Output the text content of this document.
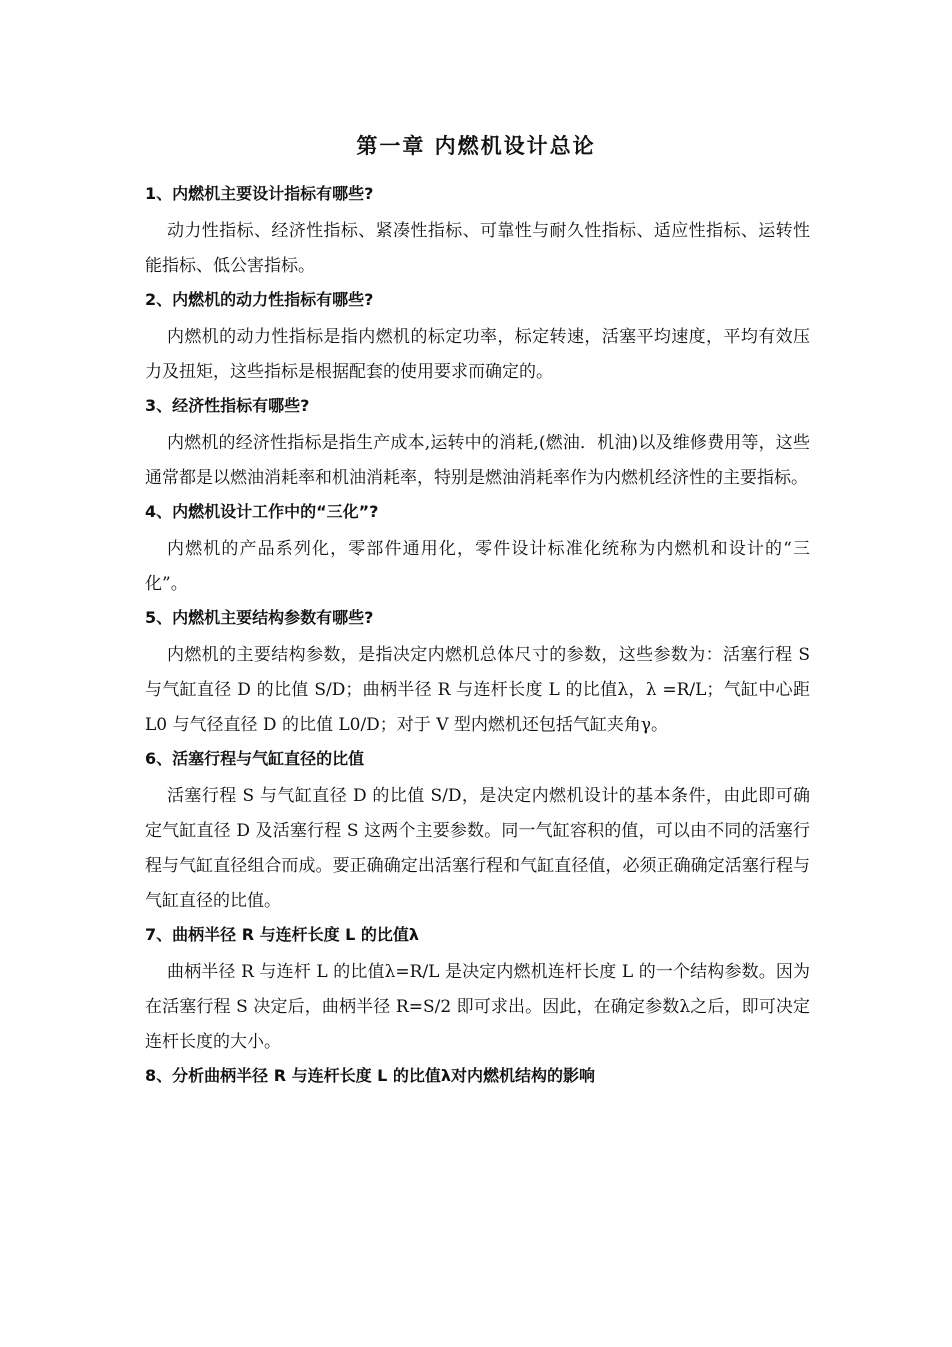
第一章 内燃机设计总论
1、内燃机主要设计指标有哪些?

动力性指标、经济性指标、紧凑性指标、可靠性与耐久性指标、适应性指标、运转性能指标、低公害指标。

2、内燃机的动力性指标有哪些?

内燃机的动力性指标是指内燃机的标定功率，标定转速，活塞平均速度，平均有效压力及扭矩，这些指标是根据配套的使用要求而确定的。

3、经济性指标有哪些?

内燃机的经济性指标是指生产成本,运转中的消耗,(燃油．机油)以及维修费用等，这些通常都是以燃油消耗率和机油消耗率，特别是燃油消耗率作为内燃机经济性的主要指标。

4、内燃机设计工作中的“三化”?

内燃机的产品系列化，零部件通用化，零件设计标准化统称为内燃机和设计的“三化”。

5、内燃机主要结构参数有哪些?

内燃机的主要结构参数，是指决定内燃机总体尺寸的参数，这些参数为：活塞行程 S 与气缸直径 D 的比值 S/D；曲柄半径 R 与连杆长度 L 的比值λ，λ =R/L；气缸中心距 L0 与气径直径 D 的比值 L0/D；对于 V 型内燃机还包括气缸夹角γ。

6、活塞行程与气缸直径的比值

活塞行程 S 与气缸直径 D 的比值 S/D，是决定内燃机设计的基本条件，由此即可确定气缸直径 D 及活塞行程 S 这两个主要参数。同一气缸容积的值，可以由不同的活塞行程与气缸直径组合而成。要正确确定出活塞行程和气缸直径值，必须正确确定活塞行程与气缸直径的比值。

7、曲柄半径 R 与连杆长度 L 的比值λ

曲柄半径 R 与连杆 L 的比值λ=R/L 是决定内燃机连杆长度 L 的一个结构参数。因为在活塞行程 S 决定后，曲柄半径 R=S/2 即可求出。因此，在确定参数λ之后，即可决定连杆长度的大小。

8、分析曲柄半径 R 与连杆长度 L 的比值λ对内燃机结构的影响
